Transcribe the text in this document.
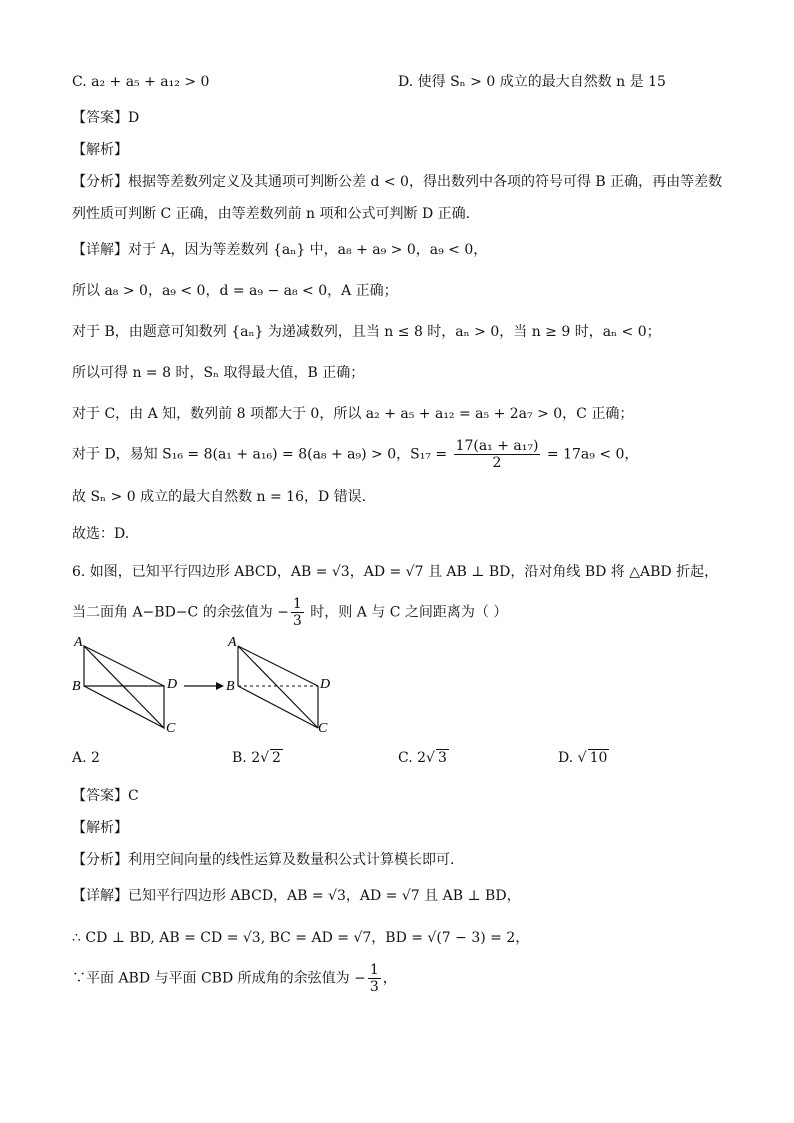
C. a₂ + a₅ + a₁₂ > 0	D. 使得 Sₙ > 0 成立的最大自然数 n 是 15
【答案】D
【解析】
【分析】根据等差数列定义及其通项可判断公差 d < 0，得出数列中各项的符号可得 B 正确，再由等差数
列性质可判断 C 正确，由等差数列前 n 项和公式可判断 D 正确.
【详解】对于 A，因为等差数列 {aₙ} 中，a₈ + a₉ > 0，a₉ < 0，
所以 a₈ > 0，a₉ < 0，d = a₉ − a₈ < 0，A 正确；
对于 B，由题意可知数列 {aₙ} 为递减数列，且当 n ≤ 8 时，aₙ > 0，当 n ≥ 9 时，aₙ < 0；
所以可得 n = 8 时，Sₙ 取得最大值，B 正确；
对于 C，由 A 知，数列前 8 项都大于 0，所以 a₂ + a₅ + a₁₂ = a₅ + 2a₇ > 0，C 正确；
对于 D，易知 S₁₆ = 8(a₁ + a₁₆) = 8(a₈ + a₉) > 0，$S_{17} = \frac{\text{17(a₁ + a₁₇)}}{2} = 17a_9 < 0$，
故 Sₙ > 0 成立的最大自然数 n = 16，D 错误.
故选：D.
6. 如图，已知平行四边形 ABCD，AB = √3，AD = √7 且 AB ⊥ BD，沿对角线 BD 将 △ABD 折起，
当二面角 A−BD−C 的余弦值为 − $\frac{1}{3}$ 时，则 A 与 C 之间距离为（ ）
A
B	D
C
A
B	D
C
A. 2	B. 2√ 2	C. 2√ 3	D. √ 10
【答案】C
【解析】
【分析】利用空间向量的线性运算及数量积公式计算模长即可.
【详解】已知平行四边形 ABCD，AB = √3，AD = √7 且 AB ⊥ BD，
∴ CD ⊥ BD, AB = CD = √3, BC = AD = √7，BD = √(7 − 3) = 2，
∵平面 ABD 与平面 CBD 所成角的余弦值为 − $\frac{1}{3}$ ，
